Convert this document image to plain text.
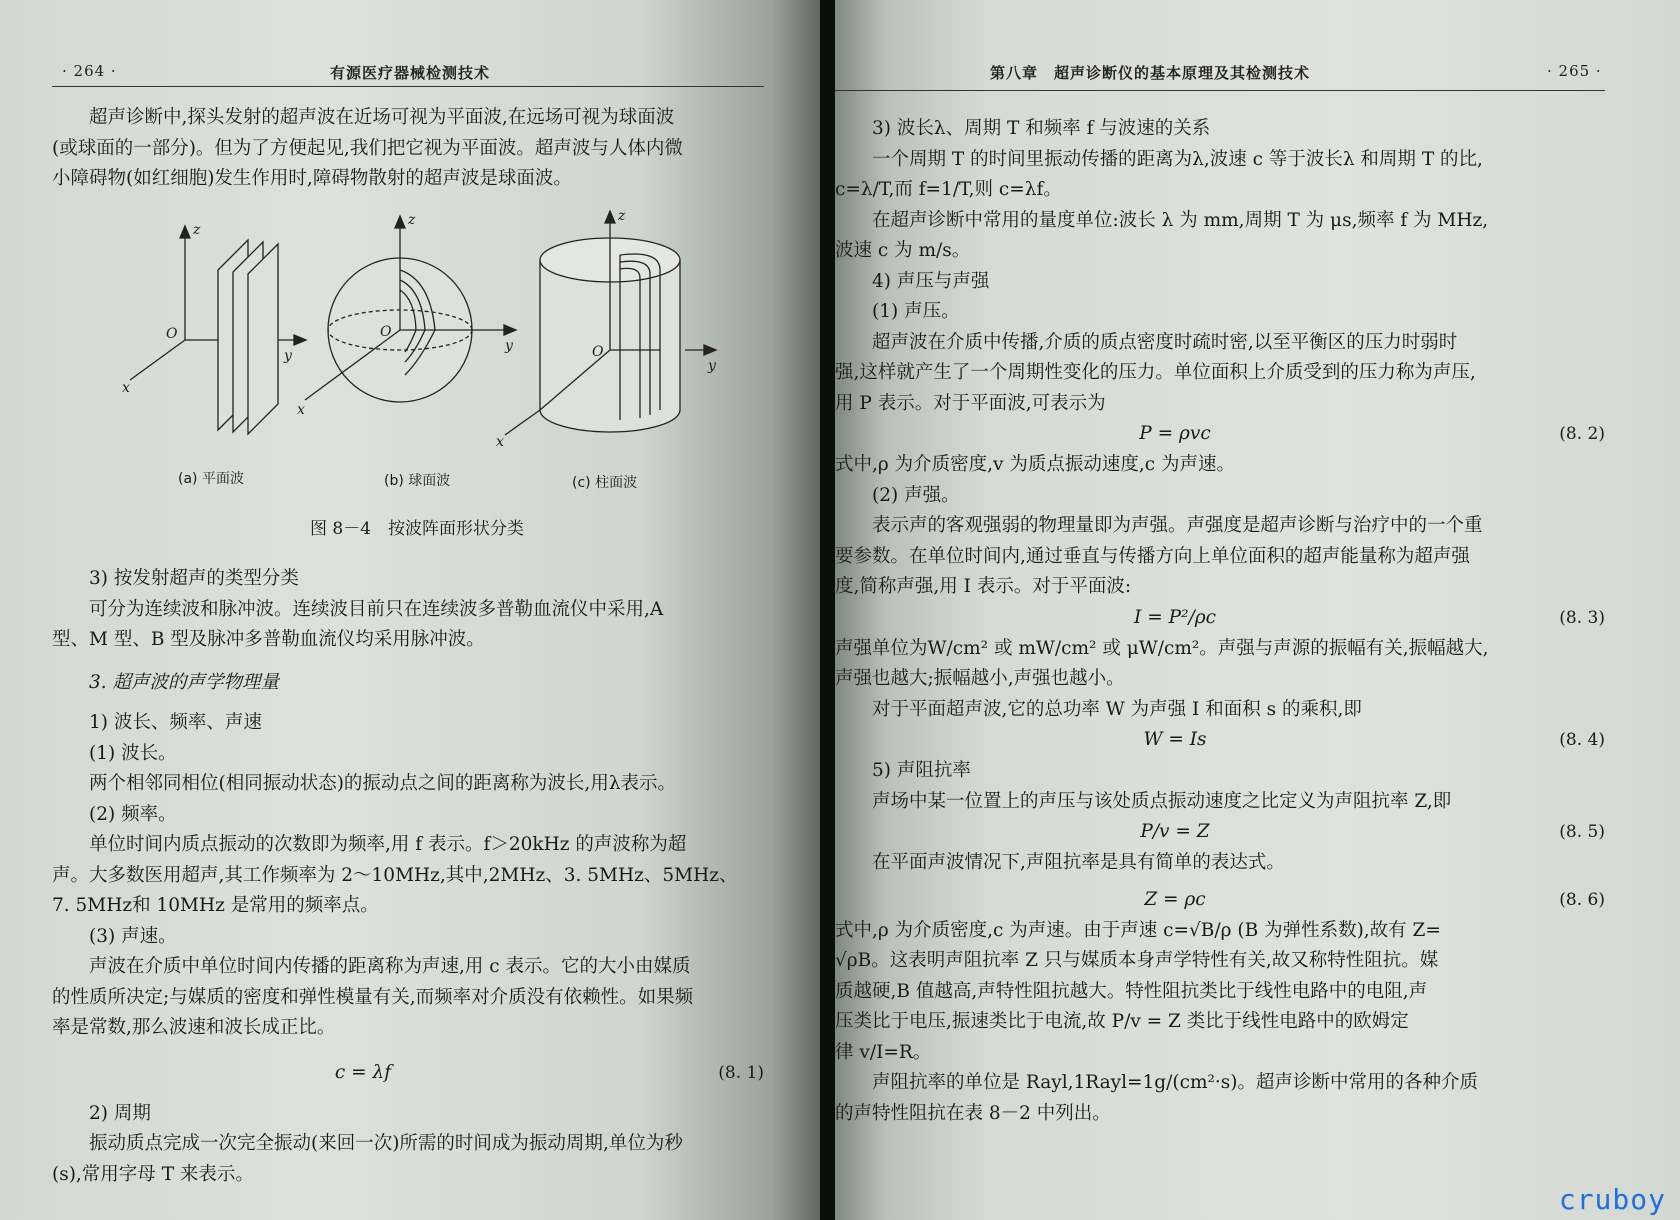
· 264 ·	有源医疗器械检测技术

超声诊断中,探头发射的超声波在近场可视为平面波,在远场可视为球面波

(或球面的一部分)。但为了方便起见,我们把它视为平面波。超声波与人体内微

小障碍物(如红细胞)发生作用时,障碍物散射的超声波是球面波。

z
y
x
O
z
y
x
O
z
y
x
O
(a) 平面波	(b) 球面波	(c) 柱面波
图 8－4　按波阵面形状分类

3) 按发射超声的类型分类

可分为连续波和脉冲波。连续波目前只在连续波多普勒血流仪中采用,A

型、M 型、B 型及脉冲多普勒血流仪均采用脉冲波。

3. 超声波的声学物理量

1) 波长、频率、声速

(1) 波长。

两个相邻同相位(相同振动状态)的振动点之间的距离称为波长,用λ表示。

(2) 频率。

单位时间内质点振动的次数即为频率,用 f 表示。f＞20kHz 的声波称为超

声。大多数医用超声,其工作频率为 2～10MHz,其中,2MHz、3. 5MHz、5MHz、

7. 5MHz和 10MHz 是常用的频率点。

(3) 声速。

声波在介质中单位时间内传播的距离称为声速,用 c 表示。它的大小由媒质

的性质所决定;与媒质的密度和弹性模量有关,而频率对介质没有依赖性。如果频

率是常数,那么波速和波长成正比。

c = λf	(8. 1)

2) 周期

振动质点完成一次完全振动(来回一次)所需的时间成为振动周期,单位为秒

(s),常用字母 T 来表示。

第八章　超声诊断仪的基本原理及其检测技术	· 265 ·

3) 波长λ、周期 T 和频率 f 与波速的关系

一个周期 T 的时间里振动传播的距离为λ,波速 c 等于波长λ 和周期 T 的比,

c=λ/T,而 f=1/T,则 c=λf。

在超声诊断中常用的量度单位:波长 λ 为 mm,周期 T 为 μs,频率 f 为 MHz,

波速 c 为 m/s。

4) 声压与声强

(1) 声压。

超声波在介质中传播,介质的质点密度时疏时密,以至平衡区的压力时弱时

强,这样就产生了一个周期性变化的压力。单位面积上介质受到的压力称为声压,

用 P 表示。对于平面波,可表示为

P = ρvc	(8. 2)

式中,ρ 为介质密度,v 为质点振动速度,c 为声速。

(2) 声强。

表示声的客观强弱的物理量即为声强。声强度是超声诊断与治疗中的一个重

要参数。在单位时间内,通过垂直与传播方向上单位面积的超声能量称为超声强

度,简称声强,用 I 表示。对于平面波:

I = P²/ρc	(8. 3)

声强单位为W/cm² 或 mW/cm² 或 μW/cm²。声强与声源的振幅有关,振幅越大,

声强也越大;振幅越小,声强也越小。

对于平面超声波,它的总功率 W 为声强 I 和面积 s 的乘积,即

W = Is	(8. 4)

5) 声阻抗率

声场中某一位置上的声压与该处质点振动速度之比定义为声阻抗率 Z,即

P/v = Z	(8. 5)

在平面声波情况下,声阻抗率是具有简单的表达式。

Z = ρc	(8. 6)

式中,ρ 为介质密度,c 为声速。由于声速 c=√B/ρ (B 为弹性系数),故有 Z=

√ρB。这表明声阻抗率 Z 只与媒质本身声学特性有关,故又称特性阻抗。媒

质越硬,B 值越高,声特性阻抗越大。特性阻抗类比于线性电路中的电阻,声

压类比于电压,振速类比于电流,故 P/v = Z 类比于线性电路中的欧姆定

律 v/I=R。

声阻抗率的单位是 Rayl,1Rayl=1g/(cm²·s)。超声诊断中常用的各种介质

的声特性阻抗在表 8－2 中列出。

cruboy
